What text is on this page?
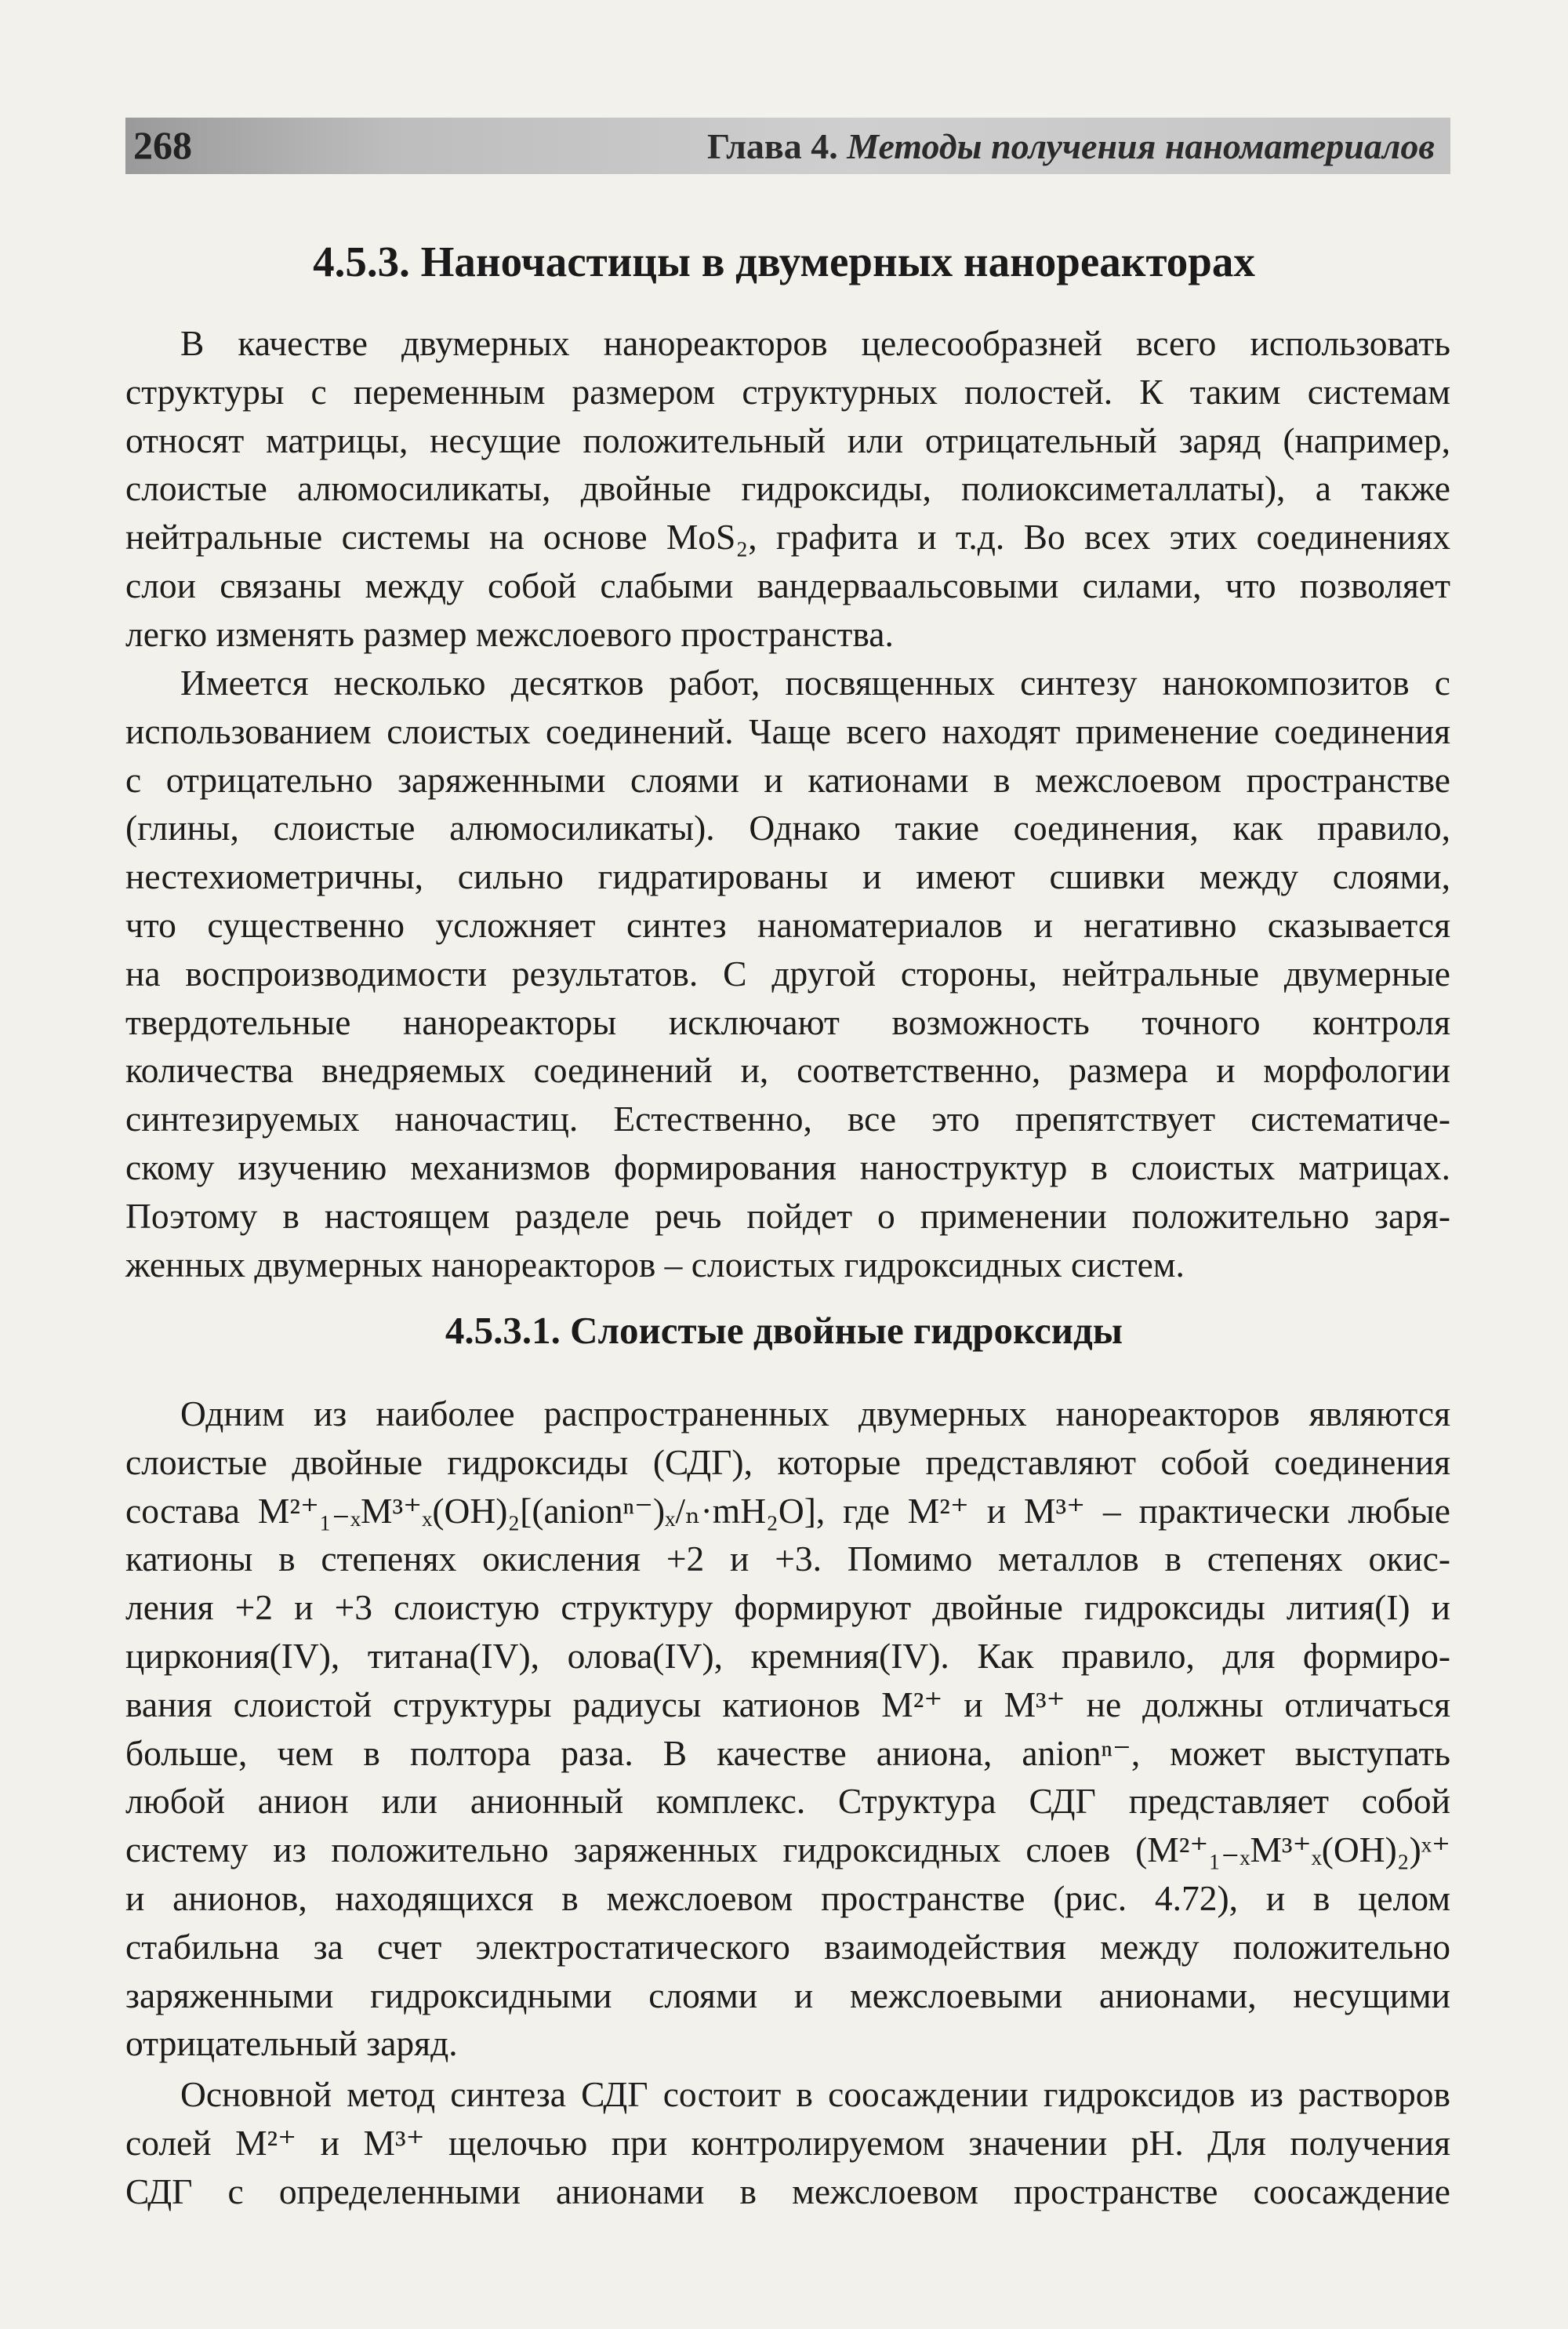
268	Глава 4. Методы получения наноматериалов
4.5.3. Наночастицы в двумерных нанореакторах
В качестве двумерных нанореакторов целесообразней всего использовать
структуры с переменным размером структурных полостей. К таким системам
относят матрицы, несущие положительный или отрицательный заряд (например,
слоистые алюмосиликаты, двойные гидроксиды, полиоксиметаллаты), а также
нейтральные системы на основе MoS₂, графита и т.д. Во всех этих соединениях
слои связаны между собой слабыми вандерваальсовыми силами, что позволяет
легко изменять размер межслоевого пространства.
Имеется несколько десятков работ, посвященных синтезу нанокомпозитов с
использованием слоистых соединений. Чаще всего находят применение соединения
с отрицательно заряженными слоями и катионами в межслоевом пространстве
(глины, слоистые алюмосиликаты). Однако такие соединения, как правило,
нестехиометричны, сильно гидратированы и имеют сшивки между слоями,
что существенно усложняет синтез наноматериалов и негативно сказывается
на воспроизводимости результатов. С другой стороны, нейтральные двумерные
твердотельные нанореакторы исключают возможность точного контроля
количества внедряемых соединений и, соответственно, размера и морфологии
синтезируемых наночастиц. Естественно, все это препятствует систематиче-
скому изучению механизмов формирования наноструктур в слоистых матрицах.
Поэтому в настоящем разделе речь пойдет о применении положительно заря-
женных двумерных нанореакторов – слоистых гидроксидных систем.
4.5.3.1. Слоистые двойные гидроксиды
Одним из наиболее распространенных двумерных нанореакторов являются
слоистые двойные гидроксиды (СДГ), которые представляют собой соединения
состава M²⁺₁₋ₓM³⁺ₓ(OH)₂[(anionⁿ⁻)ₓ/ₙ·mH₂O], где M²⁺ и M³⁺ – практически любые
катионы в степенях окисления +2 и +3. Помимо металлов в степенях окис-
ления +2 и +3 слоистую структуру формируют двойные гидроксиды лития(I) и
циркония(IV), титана(IV), олова(IV), кремния(IV). Как правило, для формиро-
вания слоистой структуры радиусы катионов M²⁺ и M³⁺ не должны отличаться
больше, чем в полтора раза. В качестве аниона, anionⁿ⁻, может выступать
любой анион или анионный комплекс. Структура СДГ представляет собой
систему из положительно заряженных гидроксидных слоев (M²⁺₁₋ₓM³⁺ₓ(OH)₂)ˣ⁺
и анионов, находящихся в межслоевом пространстве (рис. 4.72), и в целом
стабильна за счет электростатического взаимодействия между положительно
заряженными гидроксидными слоями и межслоевыми анионами, несущими
отрицательный заряд.
Основной метод синтеза СДГ состоит в соосаждении гидроксидов из растворов
солей M²⁺ и M³⁺ щелочью при контролируемом значении pH. Для получения
СДГ с определенными анионами в межслоевом пространстве соосаждение
